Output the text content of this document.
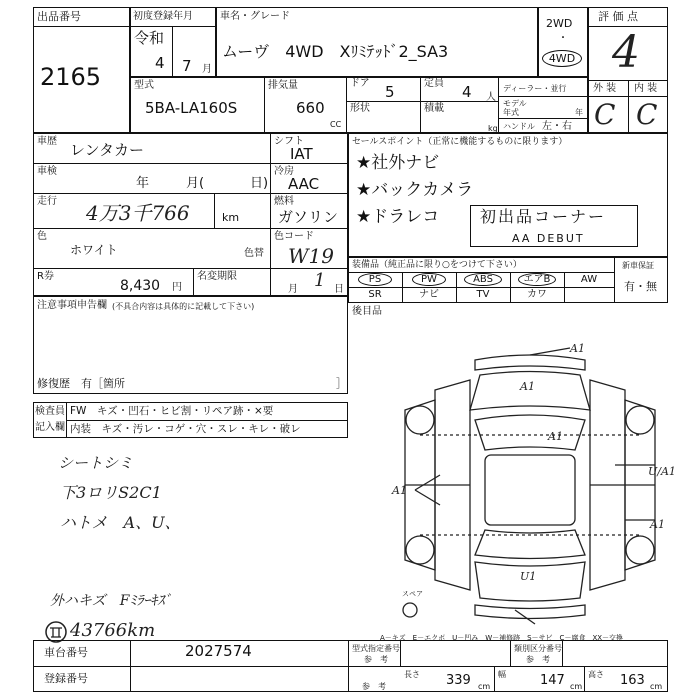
出品番号
2165
初度登録年月
令和
4 7 月
車名・グレード
ムーヴ　4WD　Xﾘﾐﾃｯﾄﾞ2_SA3
2WD
・
4WD
評 価 点
4
外 装 内 装
C C
型式
5BA-LA160S
排気量
660
CC
ドア 5	定員 4 人
形状	積載
kg
ディーラー・並行
モデル
年式	年
ハンドル 左・右
車歴 レンタカー	シフト
IAT
車検
年	月(	日)
冷房
AAC
走行 4万3千766	km
燃料
ガソリン
色
ホワイト
色コード
色替 W19
R券
8,430 円
名変期限
月 1 日
セールスポイント（正常に機能するものに限ります）
★社外ナビ
★バックカメラ
★ドラレコ	初出品コーナー
AA DEBUT
装備品（純正品に限り○をつけて下さい）	新車保証
有・無
PS	PW	ABS	エアB	AW
SR	ナビ	TV	カワ
後目品
注意事項申告欄 (不具合内容は具体的に記載して下さい)
修復歴　有［箇所	］
検査員
記入欄
FW　キズ・凹石・ヒビ割・リペア跡・×要
内装　キズ・汚レ・コゲ・穴・スレ・キレ・破レ
シートシミ
下3ロリS2C1
ハトメ　A、U、
外ハキズ　Fﾐﾗｰｷｽﾞ
43766km
A1
A1
A1
U/A1
A1
A1
U1
スペア
A－キズ　E－エクボ　U－凹み　W－補修跡　S－サビ　C－腐食　XX－交換
車台番号	2027574
登録番号
型式指定番号
参　考
類別区分番号
参　考
長さ 339 cm
幅	147 cm
高さ 163 cm
参　考
